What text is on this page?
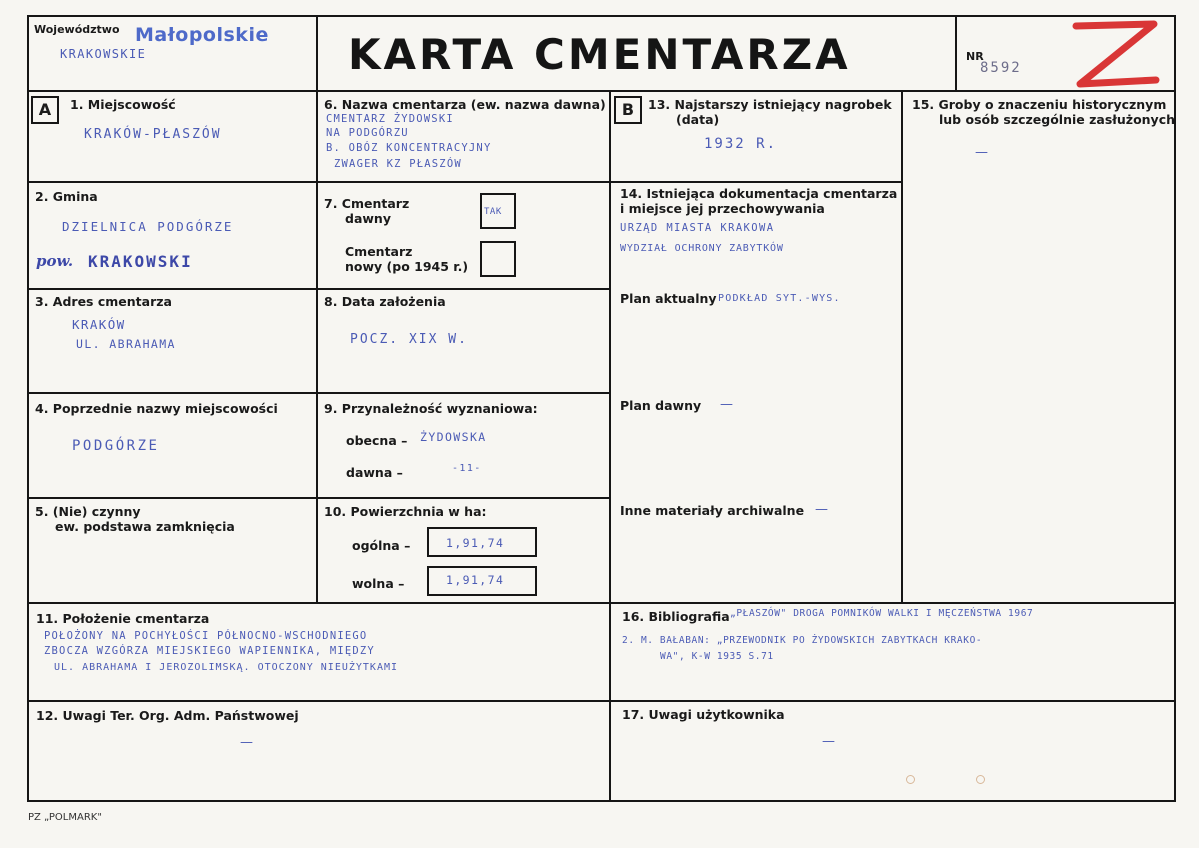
Województwo Małopolskie
KRAKOWSKIE	KARTA CMENTARZA	NR
8592
A	B
1. Miejscowość
KRAKÓW-PŁASZÓW
2. Gmina
DZIELNICA PODGÓRZE
pow. KRAKOWSKI
3. Adres cmentarza
KRAKÓW
UL. ABRAHAMA
4. Poprzednie nazwy miejscowości
PODGÓRZE
5. (Nie) czynny
ew. podstawa zamknięcia
6. Nazwa cmentarza (ew. nazwa dawna)
CMENTARZ ŻYDOWSKI
NA PODGÓRZU
B. OBÓZ KONCENTRACYJNY
ZWAGER KZ PŁASZÓW
7. Cmentarz
dawny	TAK
Cmentarz
nowy (po 1945 r.)
8. Data założenia
POCZ. XIX W.
9. Przynależność wyznaniowa:
obecna – ŻYDOWSKA
dawna –	-11-
10. Powierzchnia w ha:
ogólna –	1,91,74
wolna –	1,91,74
13. Najstarszy istniejący nagrobek
(data)
1932 R.
14. Istniejąca dokumentacja cmentarza
i miejsce jej przechowywania
URZĄD MIASTA KRAKOWA
WYDZIAŁ OCHRONY ZABYTKÓW
Plan aktualny PODKŁAD SYT.-WYS.
Plan dawny —
Inne materiały archiwalne —
15. Groby o znaczeniu historycznym
lub osób szczególnie zasłużonych
—
11. Położenie cmentarza
POŁOŻONY NA POCHYŁOŚCI PÓŁNOCNO-WSCHODNIEGO
ZBOCZA WZGÓRZA MIEJSKIEGO WAPIENNIKA, MIĘDZY
UL. ABRAHAMA I JEROZOLIMSKĄ. OTOCZONY NIEUŻYTKAMI
16. Bibliografia „PŁASZÓW" DROGA POMNIKÓW WALKI I MĘCZEŃSTWA 1967
2. M. BAŁABAN: „PRZEWODNIK PO ŻYDOWSKICH ZABYTKACH KRAKO-
WA", K-W 1935 S.71
12. Uwagi Ter. Org. Adm. Państwowej
—
17. Uwagi użytkownika
—
PZ „POLMARK"
